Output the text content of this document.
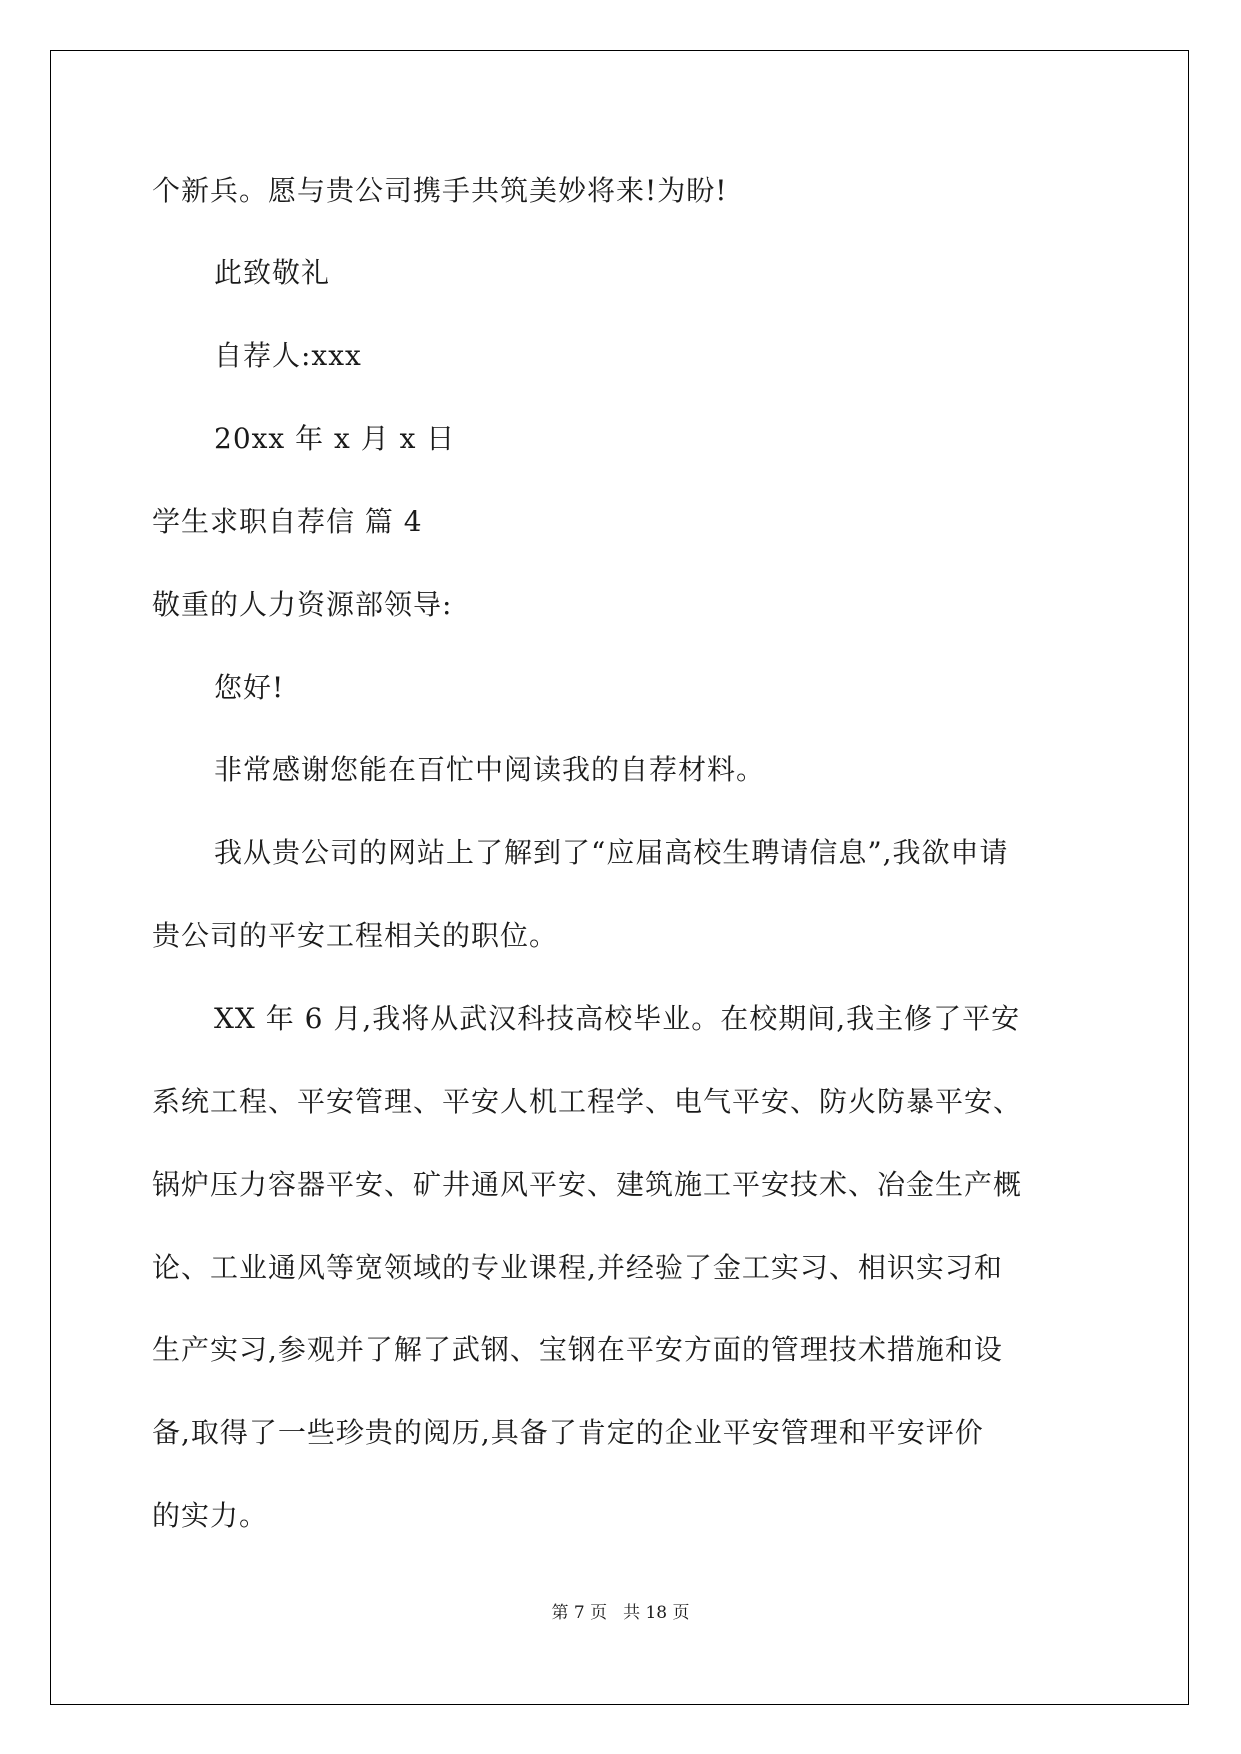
个新兵。愿与贵公司携手共筑美妙将来!为盼!
此致敬礼
自荐人:xxx
20xx 年 x 月 x 日
学生求职自荐信 篇 4
敬重的人力资源部领导:
您好!
非常感谢您能在百忙中阅读我的自荐材料。
我从贵公司的网站上了解到了“应届高校生聘请信息”,我欲申请
贵公司的平安工程相关的职位。
XX 年 6 月,我将从武汉科技高校毕业。在校期间,我主修了平安
系统工程、平安管理、平安人机工程学、电气平安、防火防暴平安、
锅炉压力容器平安、矿井通风平安、建筑施工平安技术、冶金生产概
论、工业通风等宽领域的专业课程,并经验了金工实习、相识实习和
生产实习,参观并了解了武钢、宝钢在平安方面的管理技术措施和设
备,取得了一些珍贵的阅历,具备了肯定的企业平安管理和平安评价
的实力。
第 7 页 共 18 页
